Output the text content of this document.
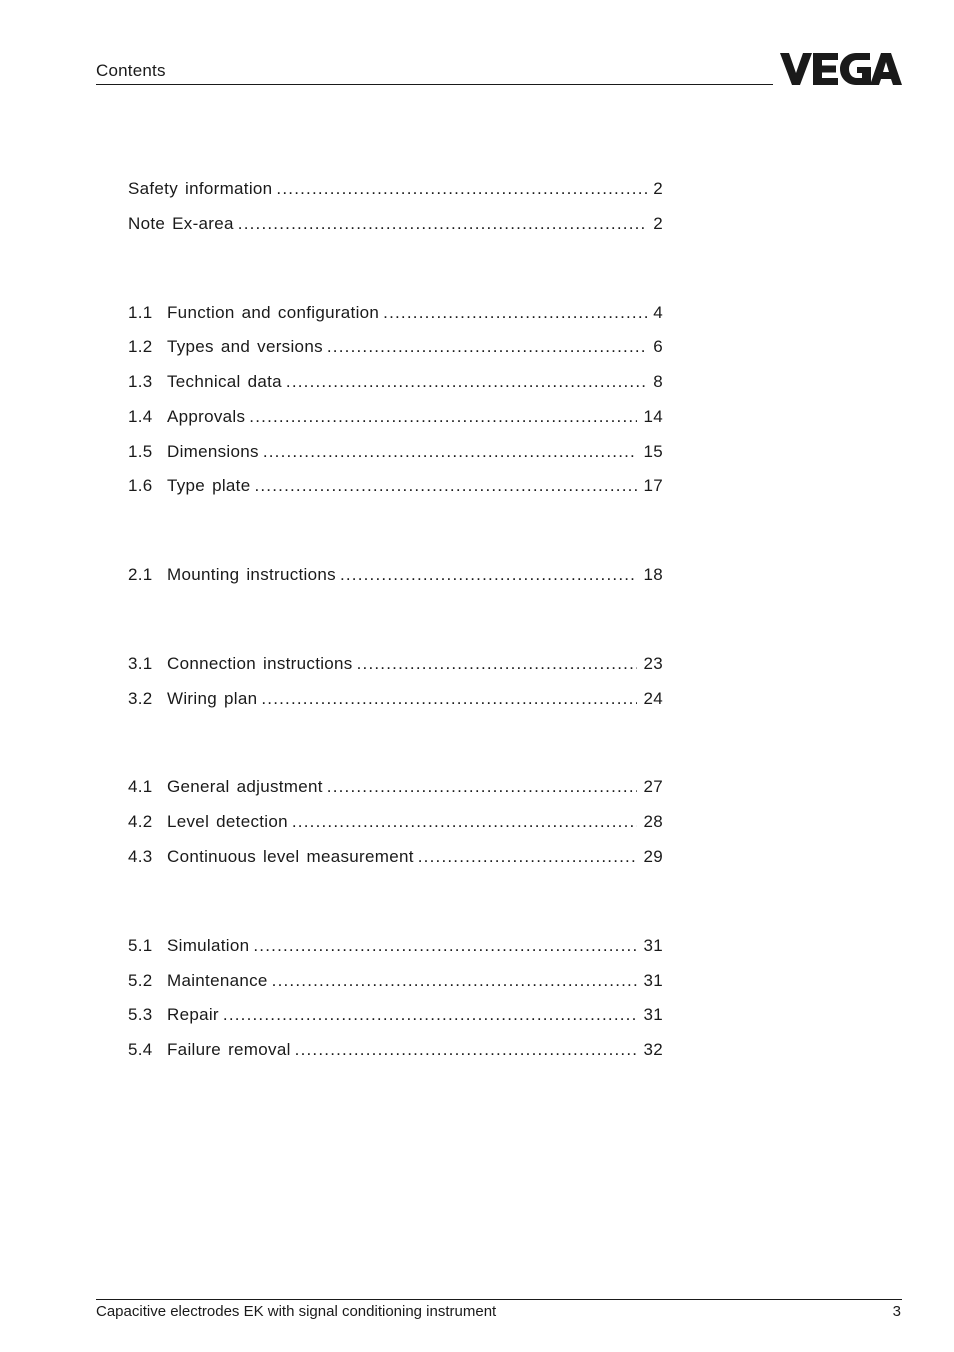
Contents
Safety information .....	2
Note Ex-area .....	2
1.1 Function and configuration .....	4
1.2 Types and versions .....	6
1.3 Technical data .....	8
1.4 Approvals .....	14
1.5 Dimensions .....	15
1.6 Type plate .....	17
2.1 Mounting instructions .....	18
3.1 Connection instructions .....	23
3.2 Wiring plan .....	24
4.1 General adjustment .....	27
4.2 Level detection .....	28
4.3 Continuous level measurement .....	29
5.1 Simulation .....	31
5.2 Maintenance .....	31
5.3 Repair .....	31
5.4 Failure removal .....	32
Capacitive electrodes EK with signal conditioning instrument	3
